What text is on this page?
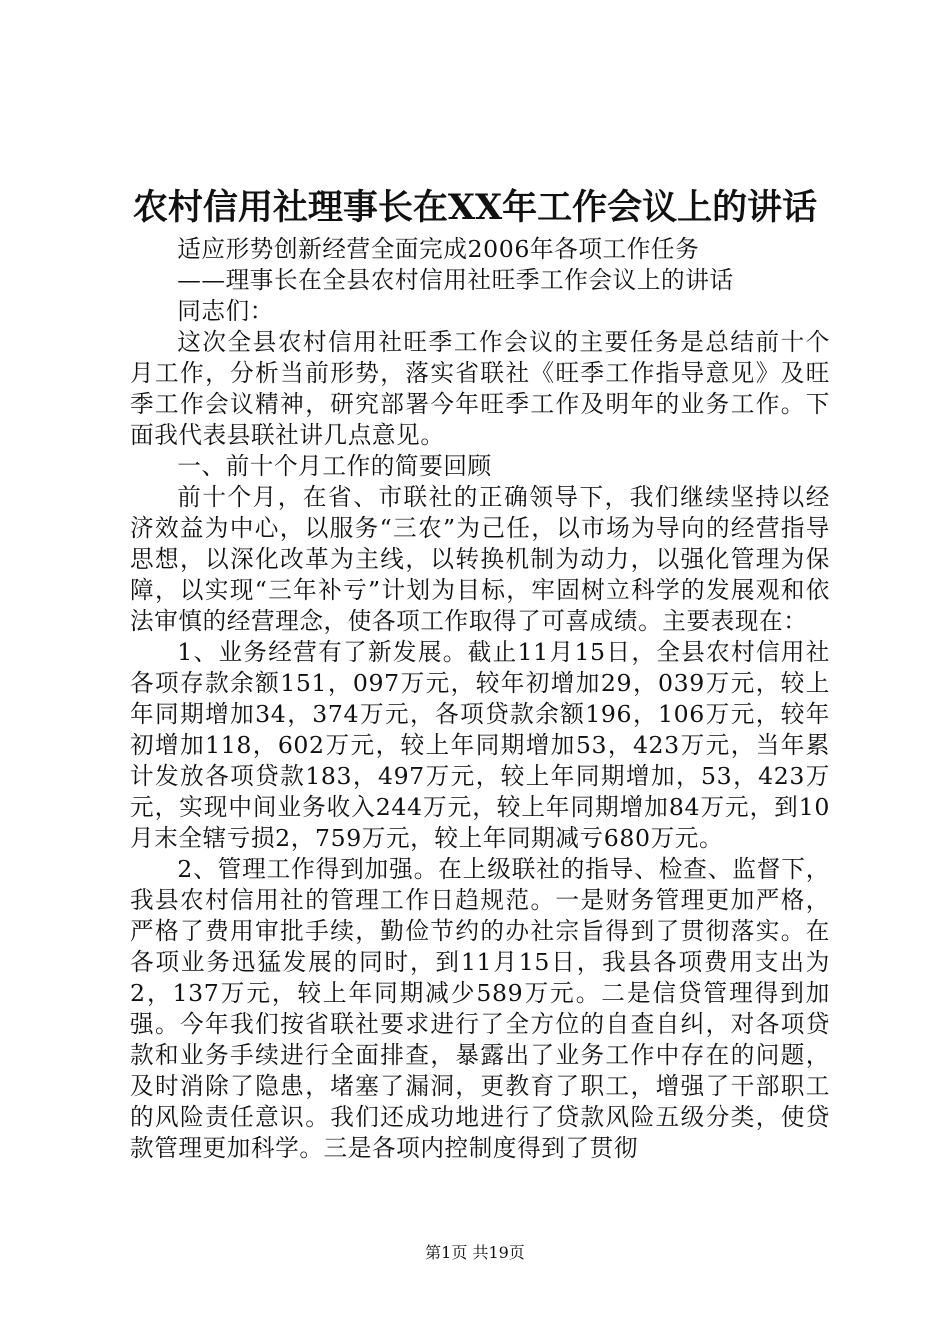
农村信用社理事长在XX年工作会议上的讲话

适应形势创新经营全面完成2006年各项工作任务

——理事长在全县农村信用社旺季工作会议上的讲话

同志们：

这次全县农村信用社旺季工作会议的主要任务是总结前十个月工作，分析当前形势，落实省联社《旺季工作指导意见》及旺季工作会议精神，研究部署今年旺季工作及明年的业务工作。下面我代表县联社讲几点意见。

一、前十个月工作的简要回顾

前十个月，在省、市联社的正确领导下，我们继续坚持以经济效益为中心，以服务“三农”为己任，以市场为导向的经营指导思想，以深化改革为主线，以转换机制为动力，以强化管理为保障，以实现“三年补亏”计划为目标，牢固树立科学的发展观和依法审慎的经营理念，使各项工作取得了可喜成绩。主要表现在：

1、业务经营有了新发展。截止11月15日，全县农村信用社各项存款余额151，097万元，较年初增加29，039万元，较上年同期增加34，374万元，各项贷款余额196，106万元，较年初增加118，602万元，较上年同期增加53，423万元，当年累计发放各项贷款183，497万元，较上年同期增加，53，423万元，实现中间业务收入244万元，较上年同期增加84万元，到10月末全辖亏损2，759万元，较上年同期减亏680万元。

2、管理工作得到加强。在上级联社的指导、检查、监督下，我县农村信用社的管理工作日趋规范。一是财务管理更加严格，严格了费用审批手续，勤俭节约的办社宗旨得到了贯彻落实。在各项业务迅猛发展的同时，到11月15日，我县各项费用支出为2，137万元，较上年同期减少589万元。二是信贷管理得到加强。今年我们按省联社要求进行了全方位的自查自纠，对各项贷款和业务手续进行全面排查，暴露出了业务工作中存在的问题，及时消除了隐患，堵塞了漏洞，更教育了职工，增强了干部职工的风险责任意识。我们还成功地进行了贷款风险五级分类，使贷款管理更加科学。三是各项内控制度得到了贯彻

第1页 共19页
